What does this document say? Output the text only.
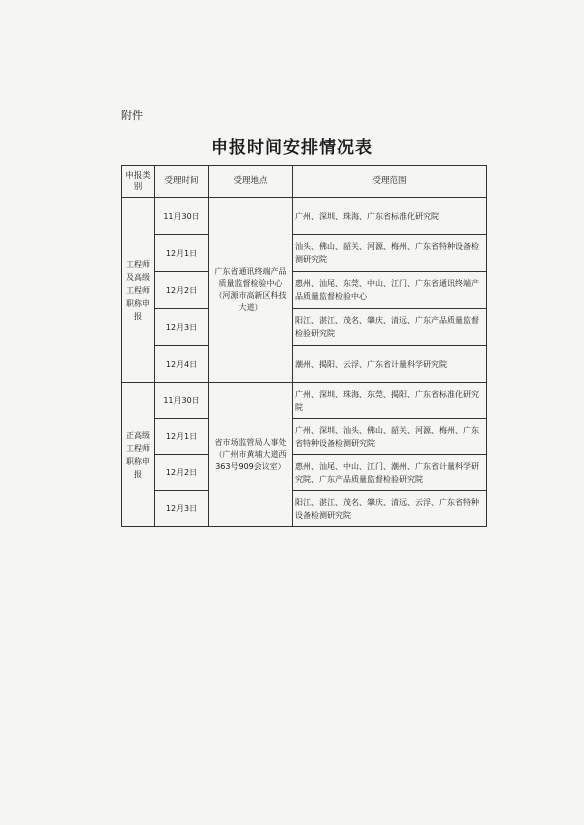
附件
申报时间安排情况表
申报类别	受理时间	受理地点	受理范围
工程师及高级工程师职称申报	11月30日	广东省通讯终端产品质量监督检验中心（河源市高新区科技大道）	广州、深圳、珠海、广东省标准化研究院
	12月1日		汕头、佛山、韶关、河源、梅州、广东省特种设备检测研究院
	12月2日		惠州、汕尾、东莞、中山、江门、广东省通讯终端产品质量监督检验中心
	12月3日		阳江、湛江、茂名、肇庆、清远、广东产品质量监督检验研究院
	12月4日		潮州、揭阳、云浮、广东省计量科学研究院
正高级工程师职称申报	11月30日	省市场监管局人事处（广州市黄埔大道西363号909会议室）	广州、深圳、珠海、东莞、揭阳、广东省标准化研究院
	12月1日		广州、深圳、汕头、佛山、韶关、河源、梅州、广东省特种设备检测研究院
	12月2日		惠州、汕尾、中山、江门、潮州、广东省计量科学研究院、广东产品质量监督检验研究院
	12月3日		阳江、湛江、茂名、肇庆、清远、云浮、广东省特种设备检测研究院
